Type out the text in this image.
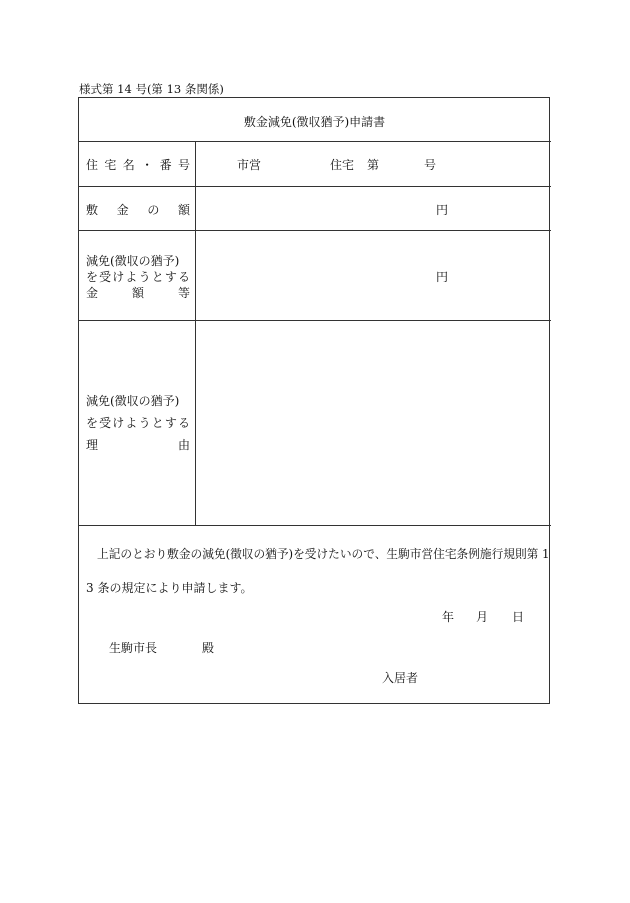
様式第 14 号(第 13 条関係)
敷金減免(徴収猶予)申請書
住 宅 名 ・ 番 号	市営	住宅 第	号
敷 金 の 額	円
減免(徴収の猶予)
を 受 け よ う と す る
金	額	等
円
減免(徴収の猶予)
を 受 け よ う と す る
理	由
上記のとおり敷金の減免(徴収の猶予)を受けたいので、生駒市営住宅条例施行規則第 1
3 条の規定により申請します。
年 月 日
生駒市長	殿
入居者
